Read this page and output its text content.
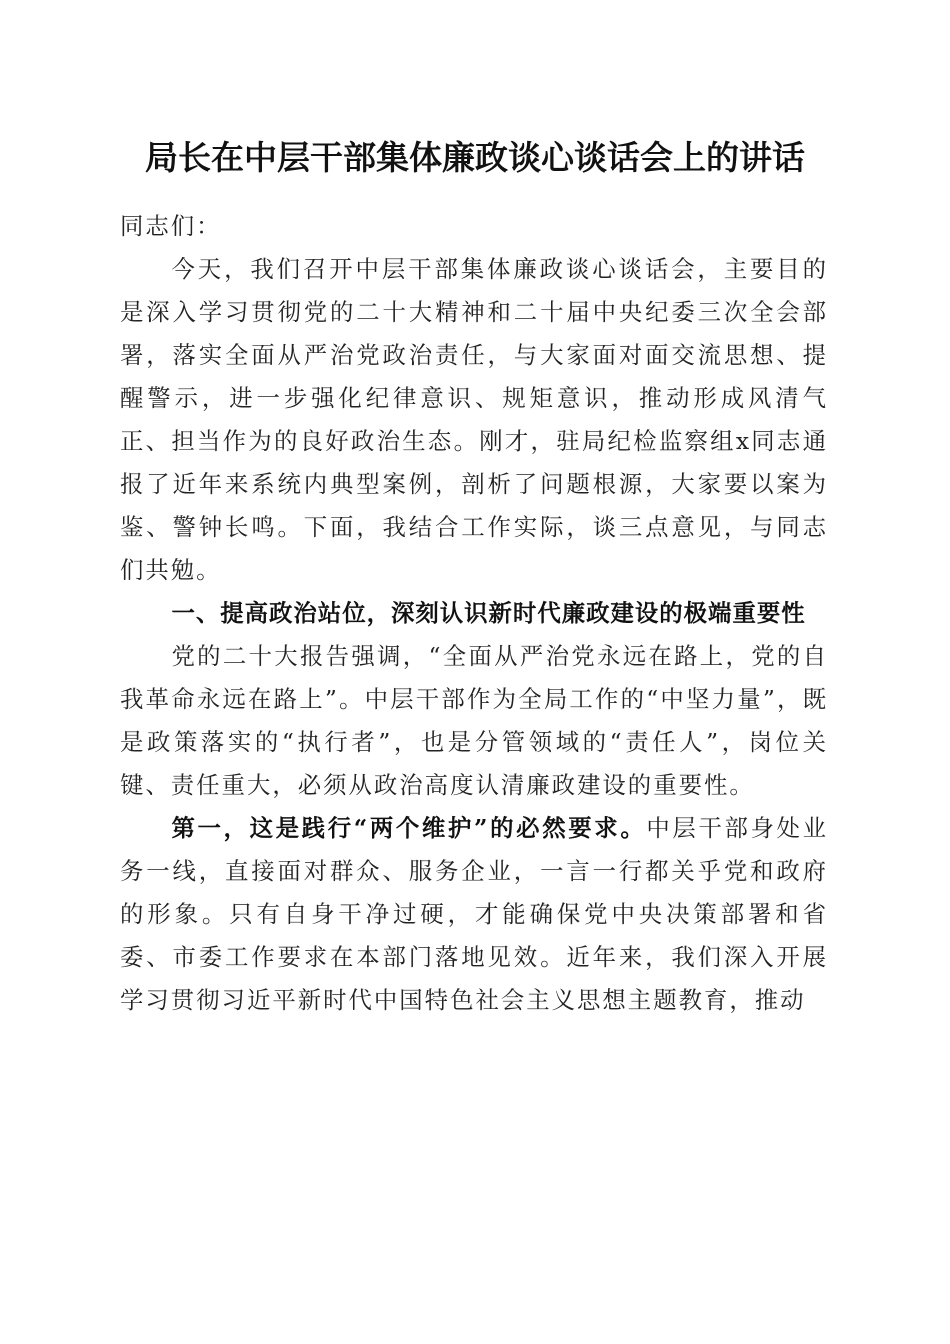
局长在中层干部集体廉政谈心谈话会上的讲话

同志们：

今天，我们召开中层干部集体廉政谈心谈话会，主要目的是深入学习贯彻党的二十大精神和二十届中央纪委三次全会部署，落实全面从严治党政治责任，与大家面对面交流思想、提醒警示，进一步强化纪律意识、规矩意识，推动形成风清气正、担当作为的良好政治生态。刚才，驻局纪检监察组x同志通报了近年来系统内典型案例，剖析了问题根源，大家要以案为鉴、警钟长鸣。下面，我结合工作实际，谈三点意见，与同志们共勉。

一、提高政治站位，深刻认识新时代廉政建设的极端重要性

党的二十大报告强调，“全面从严治党永远在路上，党的自我革命永远在路上”。中层干部作为全局工作的“中坚力量”，既是政策落实的“执行者”，也是分管领域的“责任人”，岗位关键、责任重大，必须从政治高度认清廉政建设的重要性。

第一，这是践行“两个维护”的必然要求。中层干部身处业务一线，直接面对群众、服务企业，一言一行都关乎党和政府的形象。只有自身干净过硬，才能确保党中央决策部署和省委、市委工作要求在本部门落地见效。近年来，我们深入开展学习贯彻习近平新时代中国特色社会主义思想主题教育，推动
